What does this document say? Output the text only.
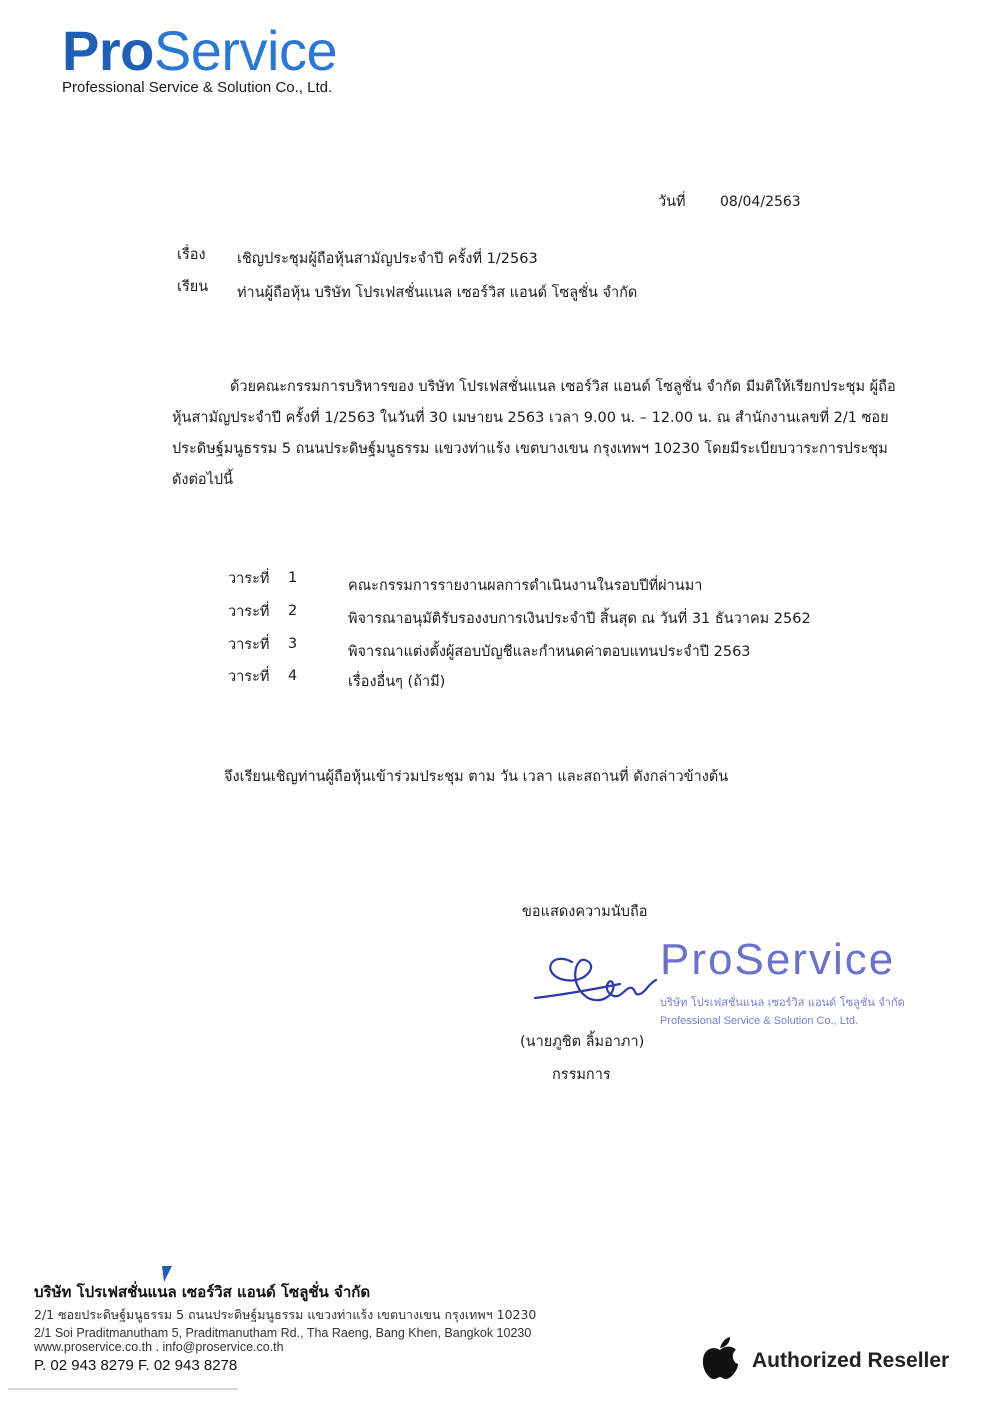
ProService
Professional Service & Solution Co., Ltd.
วันที่ 08/04/2563
เรื่อง เชิญประชุมผู้ถือหุ้นสามัญประจำปี ครั้งที่ 1/2563
เรียน ท่านผู้ถือหุ้น บริษัท โปรเฟสชั่นแนล เซอร์วิส แอนด์ โซลูชั่น จำกัด
ด้วยคณะกรรมการบริหารของ บริษัท โปรเฟสชั่นแนล เซอร์วิส แอนด์ โซลูชั่น จำกัด มีมติให้เรียกประชุม ผู้ถือหุ้นสามัญประจำปี ครั้งที่ 1/2563 ในวันที่ 30 เมษายน 2563 เวลา 9.00 น. – 12.00 น. ณ สำนักงานเลขที่ 2/1 ซอยประดิษฐ์มนูธรรม 5 ถนนประดิษฐ์มนูธรรม แขวงท่าแร้ง เขตบางเขน กรุงเทพฯ 10230 โดยมีระเบียบวาระการประชุม ดังต่อไปนี้
วาระที่ 1	คณะกรรมการรายงานผลการดำเนินงานในรอบปีที่ผ่านมา
วาระที่ 2	พิจารณาอนุมัติรับรองงบการเงินประจำปี สิ้นสุด ณ วันที่ 31 ธันวาคม 2562
วาระที่ 3	พิจารณาแต่งตั้งผู้สอบบัญชีและกำหนดค่าตอบแทนประจำปี 2563
วาระที่ 4	เรื่องอื่นๆ (ถ้ามี)
จึงเรียนเชิญท่านผู้ถือหุ้นเข้าร่วมประชุม ตาม วัน เวลา และสถานที่ ดังกล่าวข้างต้น
ขอแสดงความนับถือ
ProService
บริษัท โปรเฟสชั่นแนล เซอร์วิส แอนด์ โซลูชั่น จำกัด
Professional Service & Solution Co., Ltd.
(นายภูชิต ลิ้มอาภา)
กรรมการ
บริษัท โปรเฟสชั่นแนล เซอร์วิส แอนด์ โซลูชั่น จำกัด
2/1 ซอยประดิษฐ์มนูธรรม 5 ถนนประดิษฐ์มนูธรรม แขวงท่าแร้ง เขตบางเขน กรุงเทพฯ 10230
2/1 Soi Praditmanutham 5, Praditmanutham Rd., Tha Raeng, Bang Khen, Bangkok 10230
www.proservice.co.th . info@proservice.co.th
P. 02 943 8279 F. 02 943 8278	Authorized Reseller
